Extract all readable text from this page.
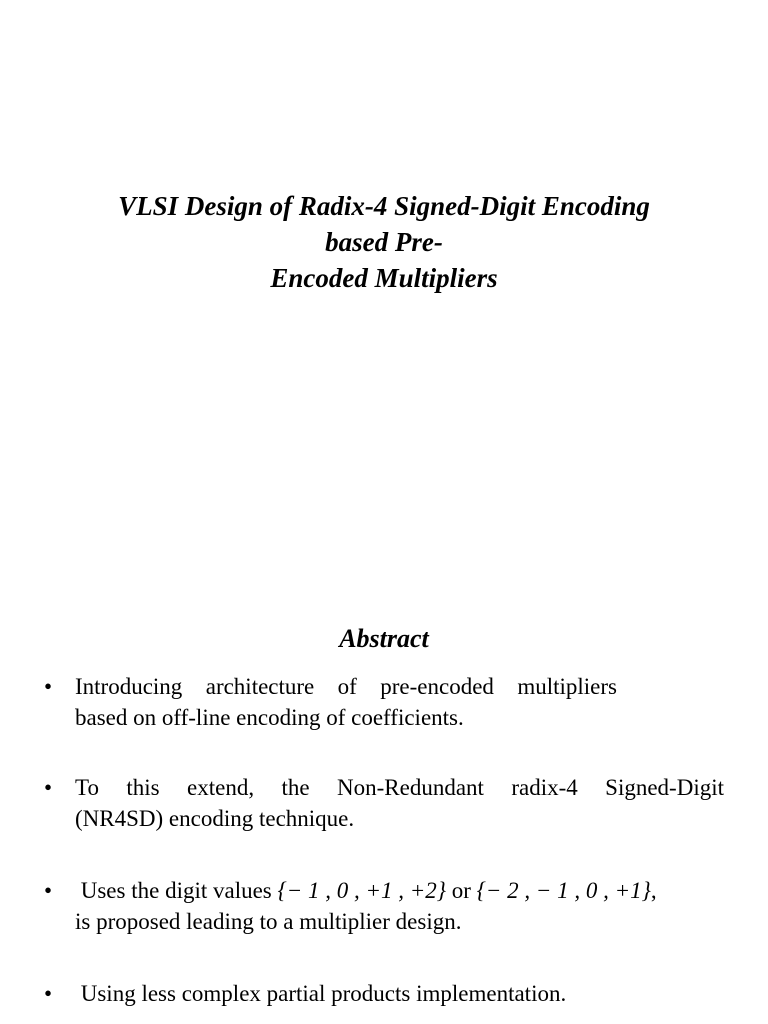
VLSI Design of Radix-4 Signed-Digit Encoding
based Pre-
Encoded Multipliers
Abstract
• Introducing architecture of pre-encoded multipliers
based on off-line encoding of coefficients.
• To this extend, the Non-Redundant radix-4 Signed-Digit
(NR4SD) encoding technique.
• Uses the digit values {− 1 , 0 , +1 , +2} or {− 2 , − 1 , 0 , +1},
is proposed leading to a multiplier design.
• Using less complex partial products implementation.
